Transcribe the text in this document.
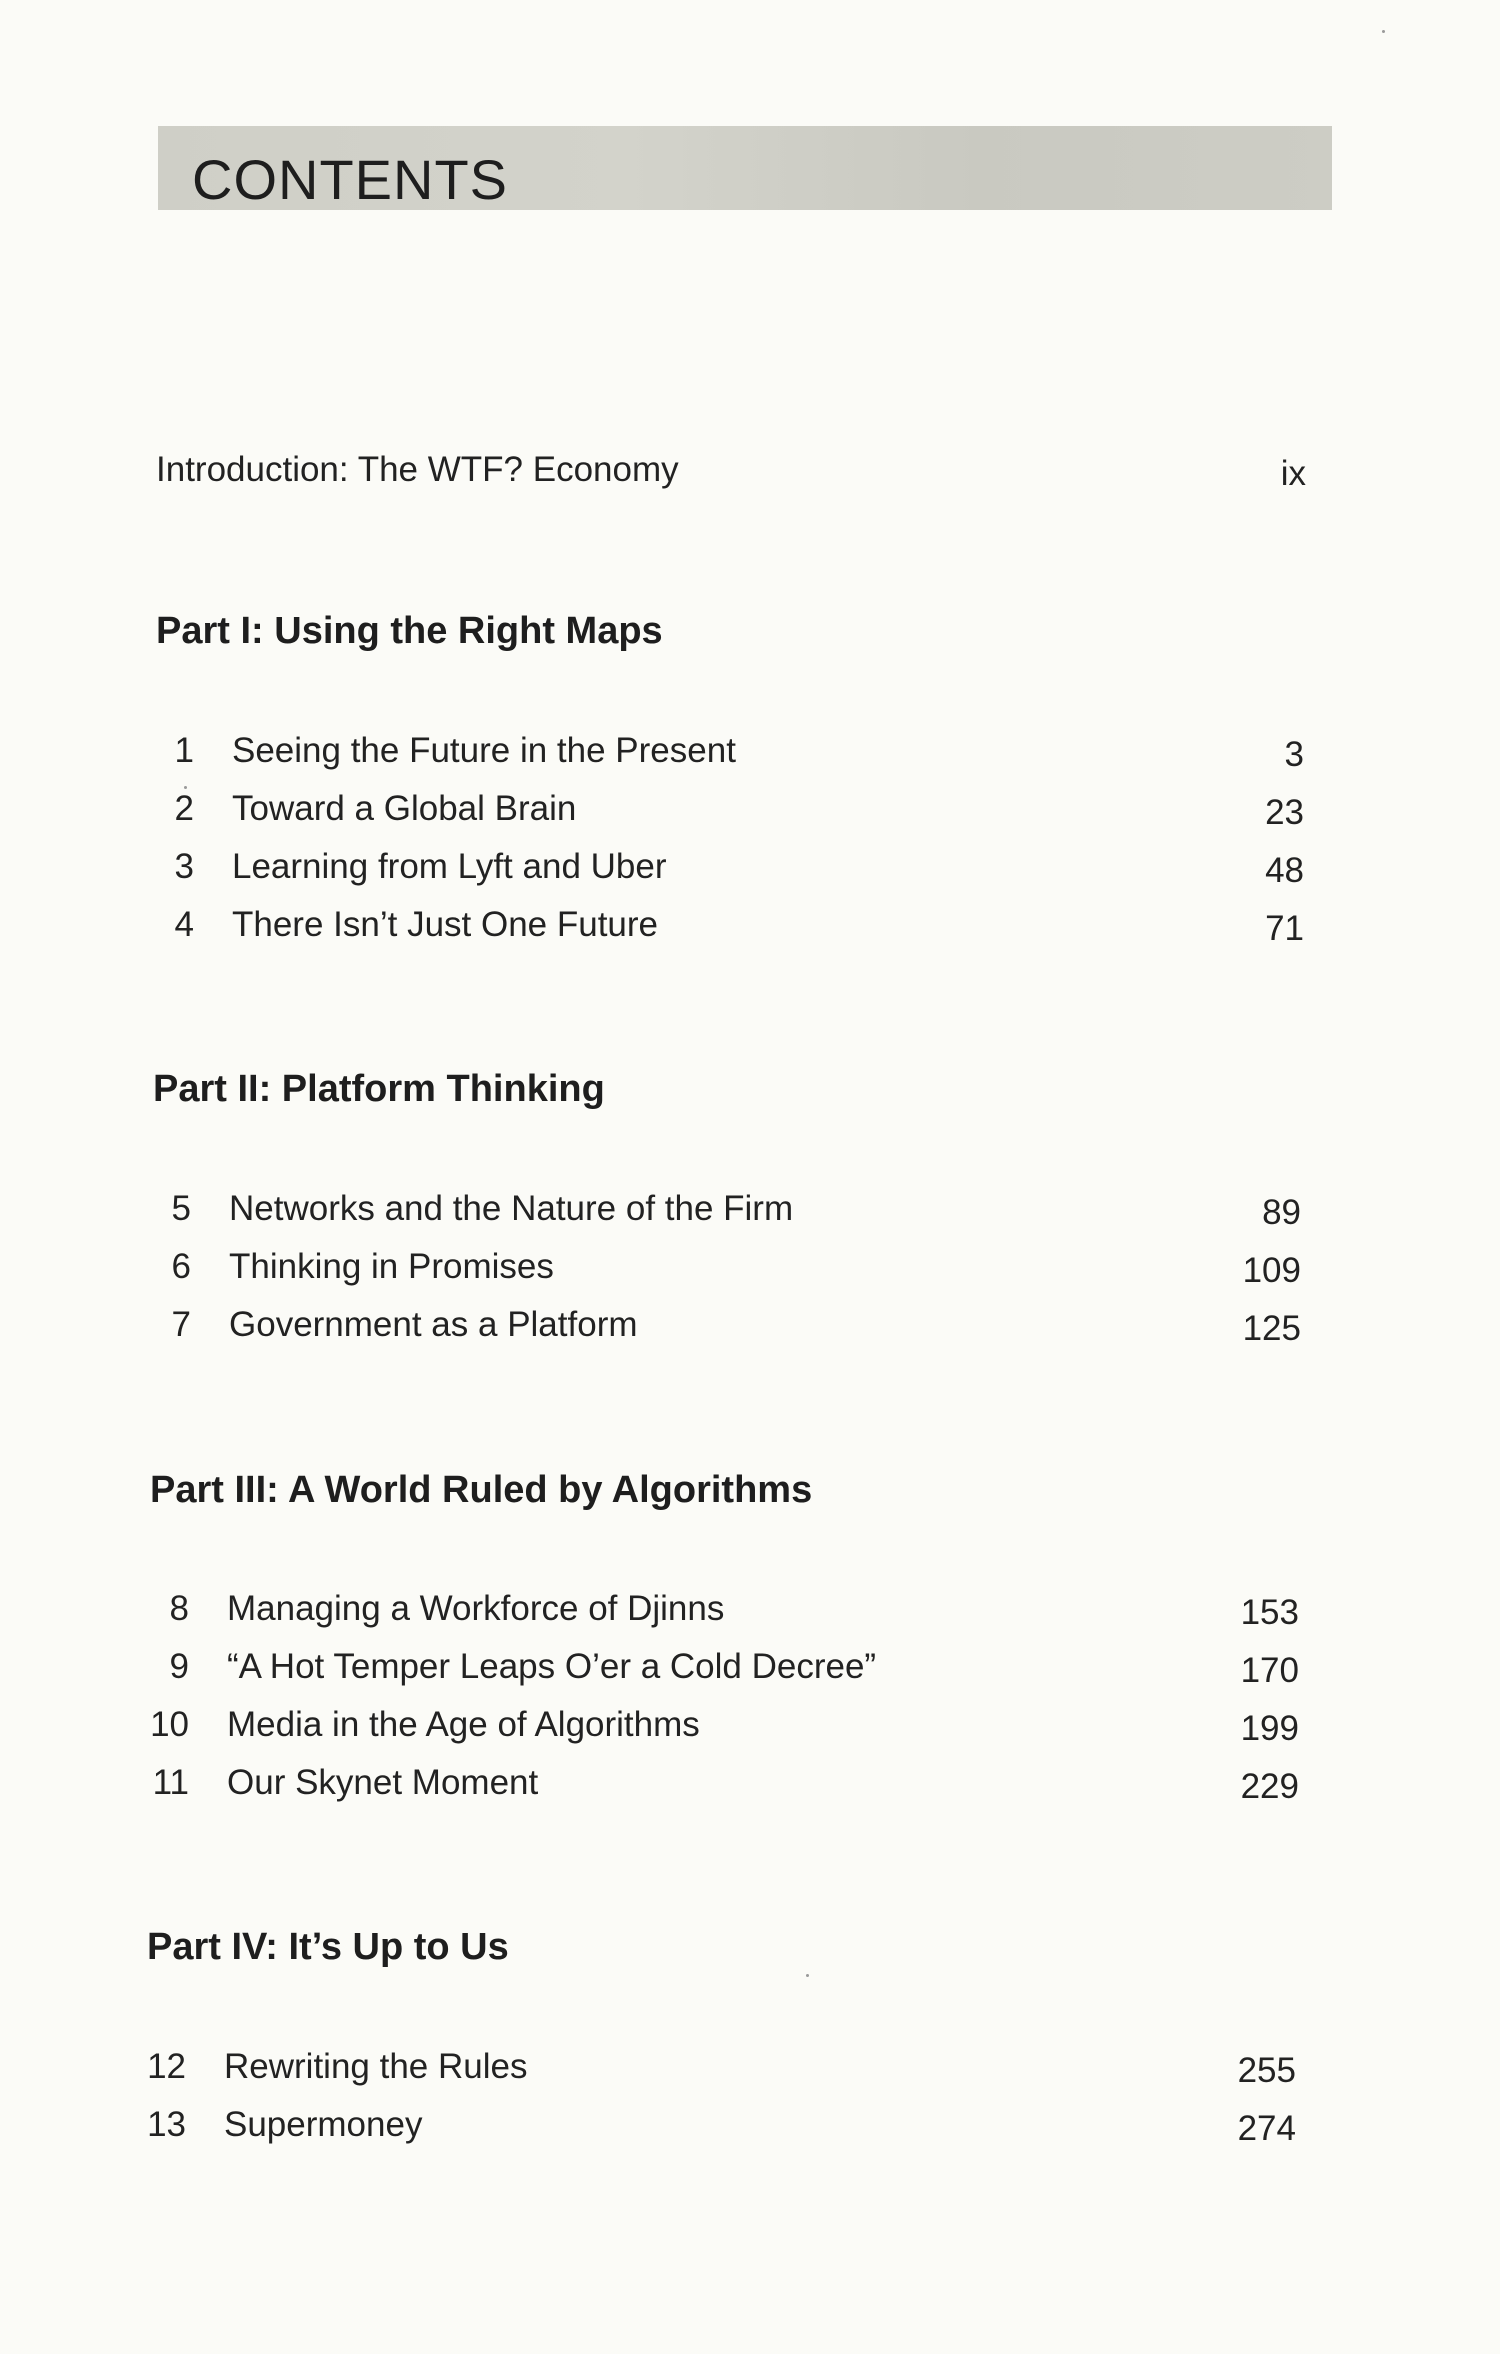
CONTENTS
Introduction: The WTF? Economy	ix
Part I: Using the Right Maps
1 Seeing the Future in the Present	3
2 Toward a Global Brain	23
3 Learning from Lyft and Uber	48
4 There Isn’t Just One Future	71
Part II: Platform Thinking
5 Networks and the Nature of the Firm	89
6 Thinking in Promises	109
7 Government as a Platform	125
Part III: A World Ruled by Algorithms
8 Managing a Workforce of Djinns	153
9 “A Hot Temper Leaps O’er a Cold Decree”	170
10 Media in the Age of Algorithms	199
11 Our Skynet Moment	229
Part IV: It’s Up to Us
12 Rewriting the Rules	255
13 Supermoney	274
